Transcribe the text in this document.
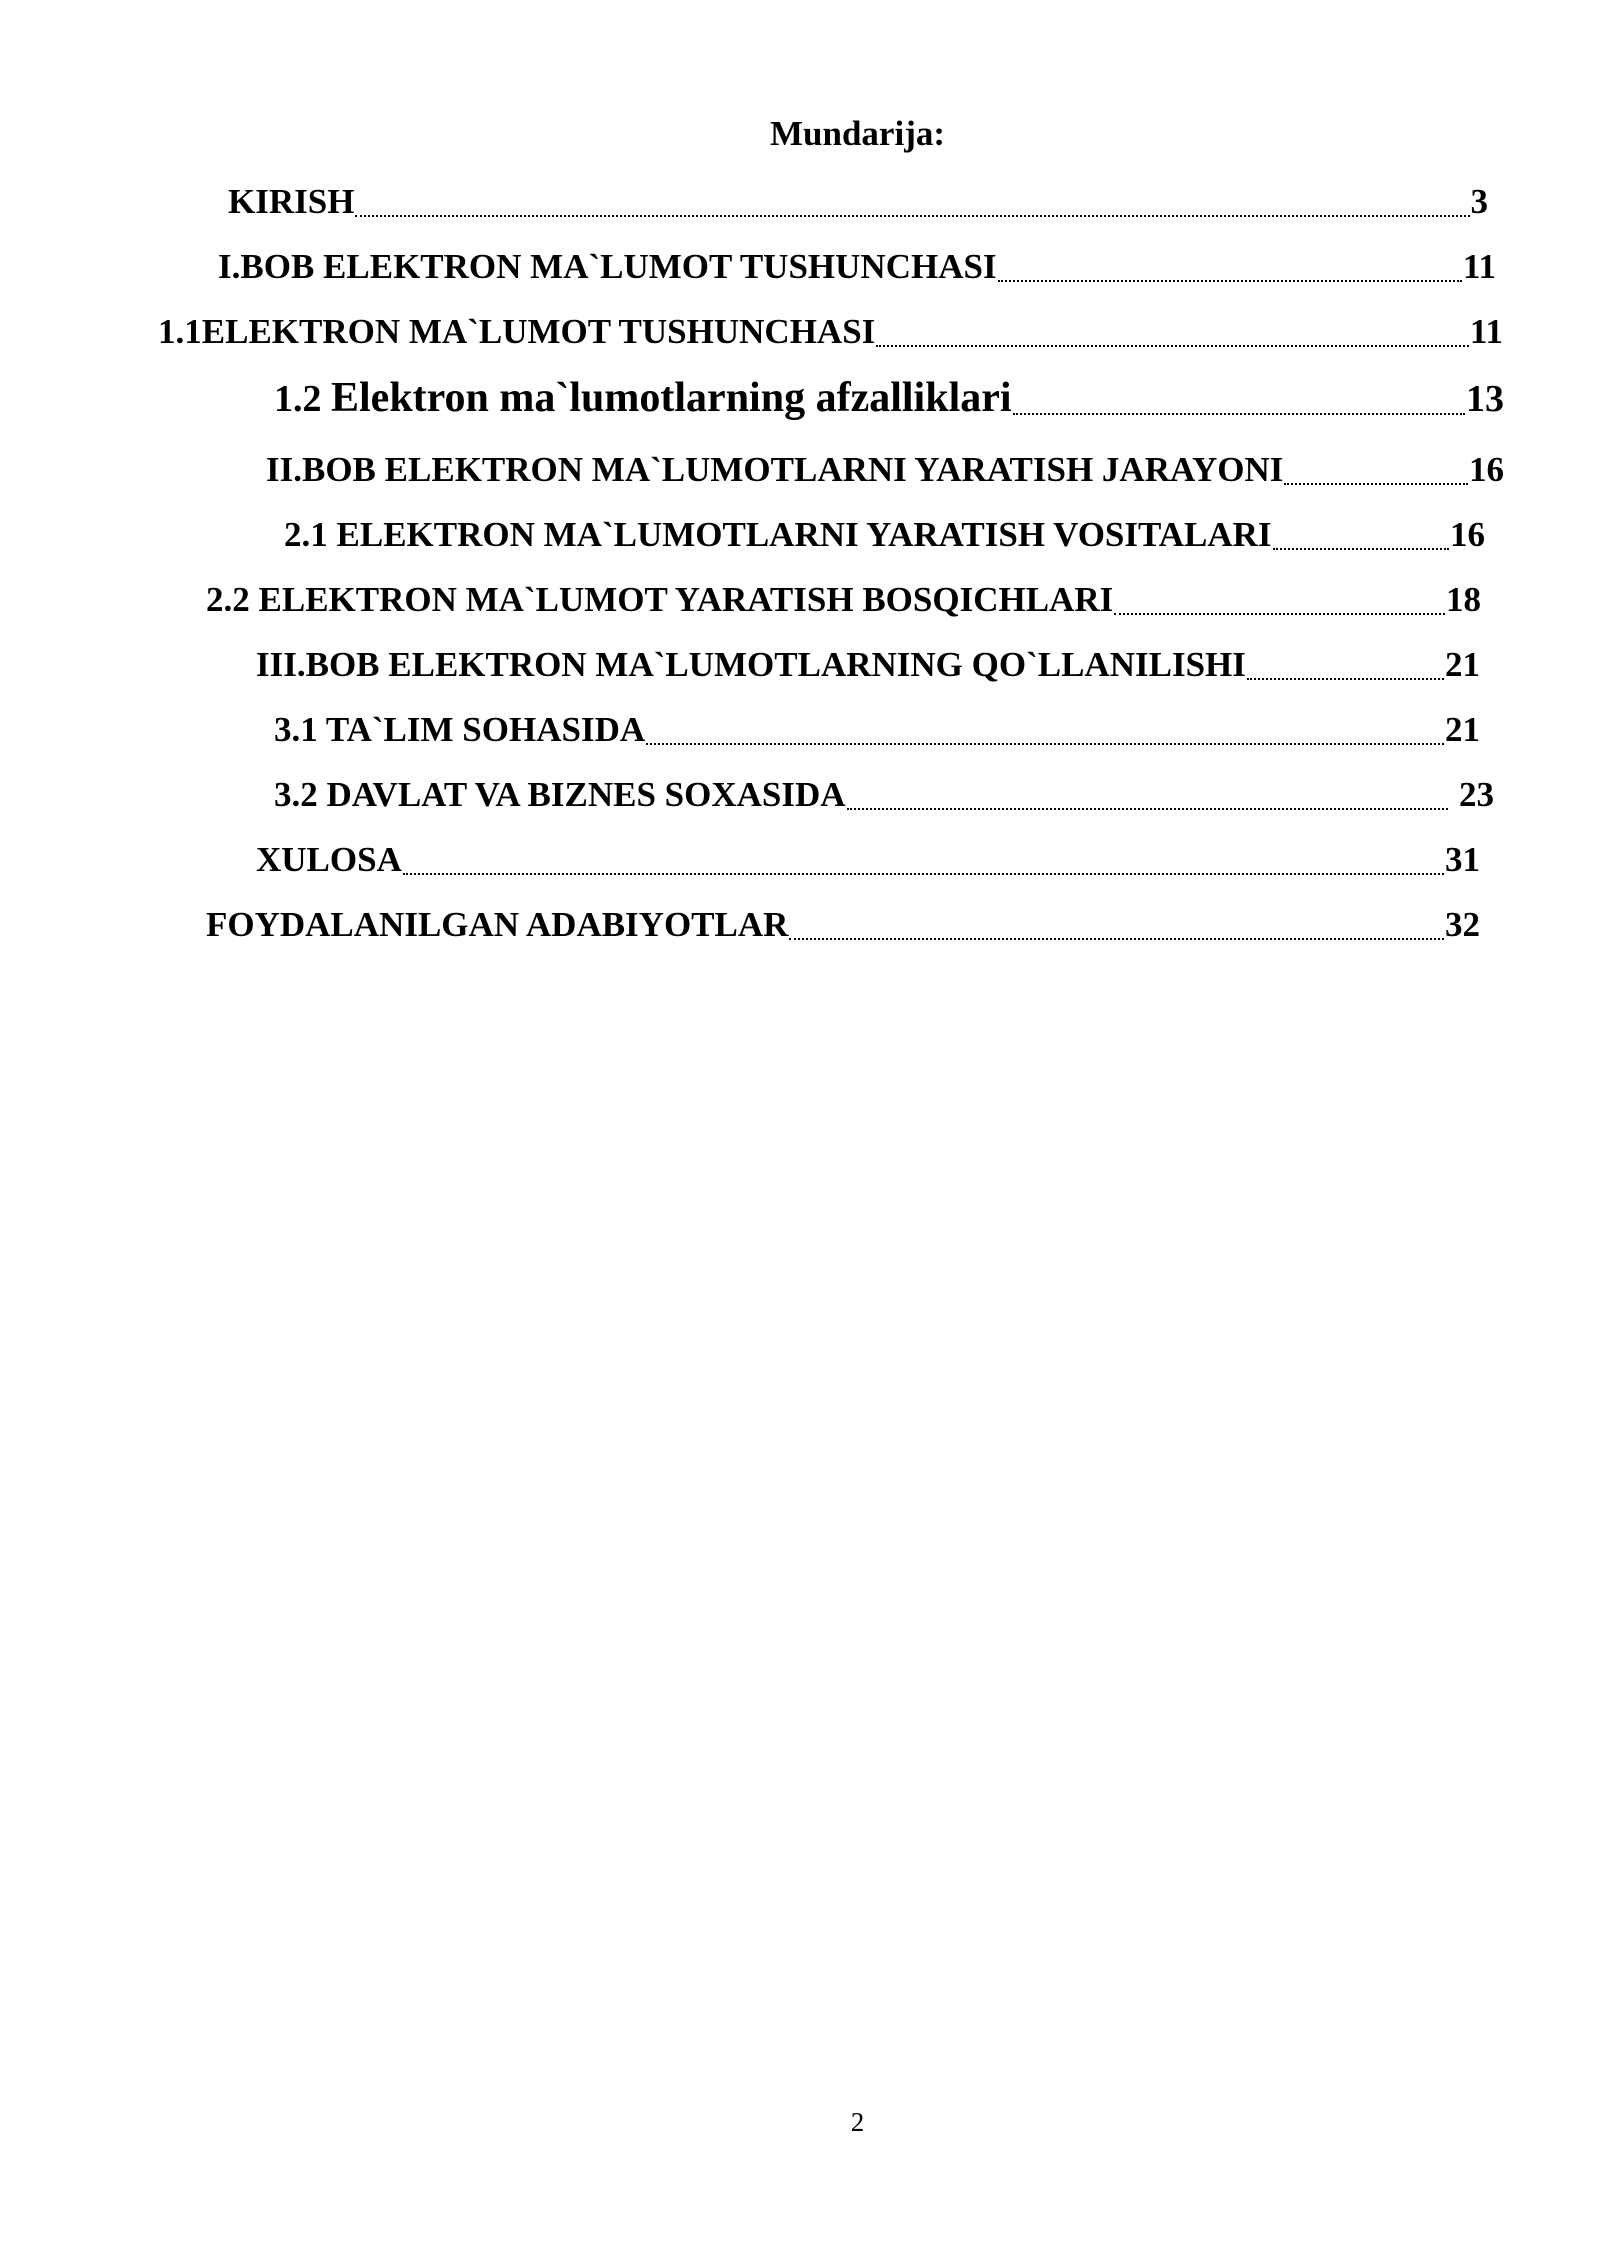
Mundarija:
KIRISH	3
I.BOB ELEKTRON MA`LUMOT TUSHUNCHASI	11
1.1ELEKTRON MA`LUMOT TUSHUNCHASI	11
1.2 Elektron ma`lumotlarning afzalliklari	13
II.BOB ELEKTRON MA`LUMOTLARNI YARATISH JARAYONI	16
2.1 ELEKTRON MA`LUMOTLARNI YARATISH VOSITALARI	16
2.2 ELEKTRON MA`LUMOT YARATISH BOSQICHLARI	18
III.BOB ELEKTRON MA`LUMOTLARNING QO`LLANILISHI	21
3.1 TA`LIM SOHASIDA	21
3.2 DAVLAT VA BIZNES SOXASIDA	23
XULOSA	31
FOYDALANILGAN ADABIYOTLAR	32

2
